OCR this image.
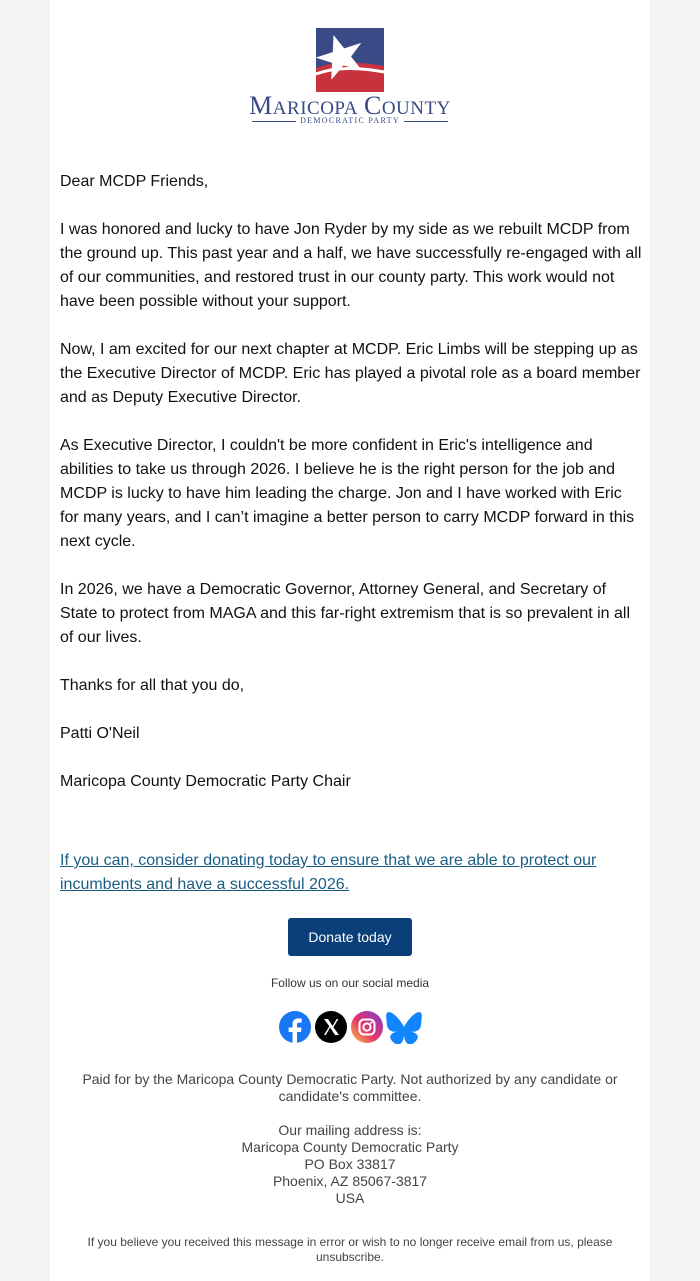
MARICOPA COUNTY
DEMOCRATIC PARTY

Dear MCDP Friends,

I was honored and lucky to have Jon Ryder by my side as we rebuilt MCDP from the ground up. This past year and a half, we have successfully re-engaged with all of our communities, and restored trust in our county party. This work would not have been possible without your support.

Now, I am excited for our next chapter at MCDP. Eric Limbs will be stepping up as the Executive Director of MCDP. Eric has played a pivotal role as a board member and as Deputy Executive Director.

As Executive Director, I couldn't be more confident in Eric's intelligence and abilities to take us through 2026. I believe he is the right person for the job and MCDP is lucky to have him leading the charge. Jon and I have worked with Eric for many years, and I can’t imagine a better person to carry MCDP forward in this next cycle.

In 2026, we have a Democratic Governor, Attorney General, and Secretary of State to protect from MAGA and this far-right extremism that is so prevalent in all of our lives.

Thanks for all that you do,

Patti O'Neil

Maricopa County Democratic Party Chair

If you can, consider donating today to ensure that we are able to protect our incumbents and have a successful 2026.
Donate today
Follow us on our social media

Paid for by the Maricopa County Democratic Party. Not authorized by any candidate or candidate's committee.

Our mailing address is:
Maricopa County Democratic Party
PO Box 33817
Phoenix, AZ 85067-3817
USA
If you believe you received this message in error or wish to no longer receive email from us, please unsubscribe.
